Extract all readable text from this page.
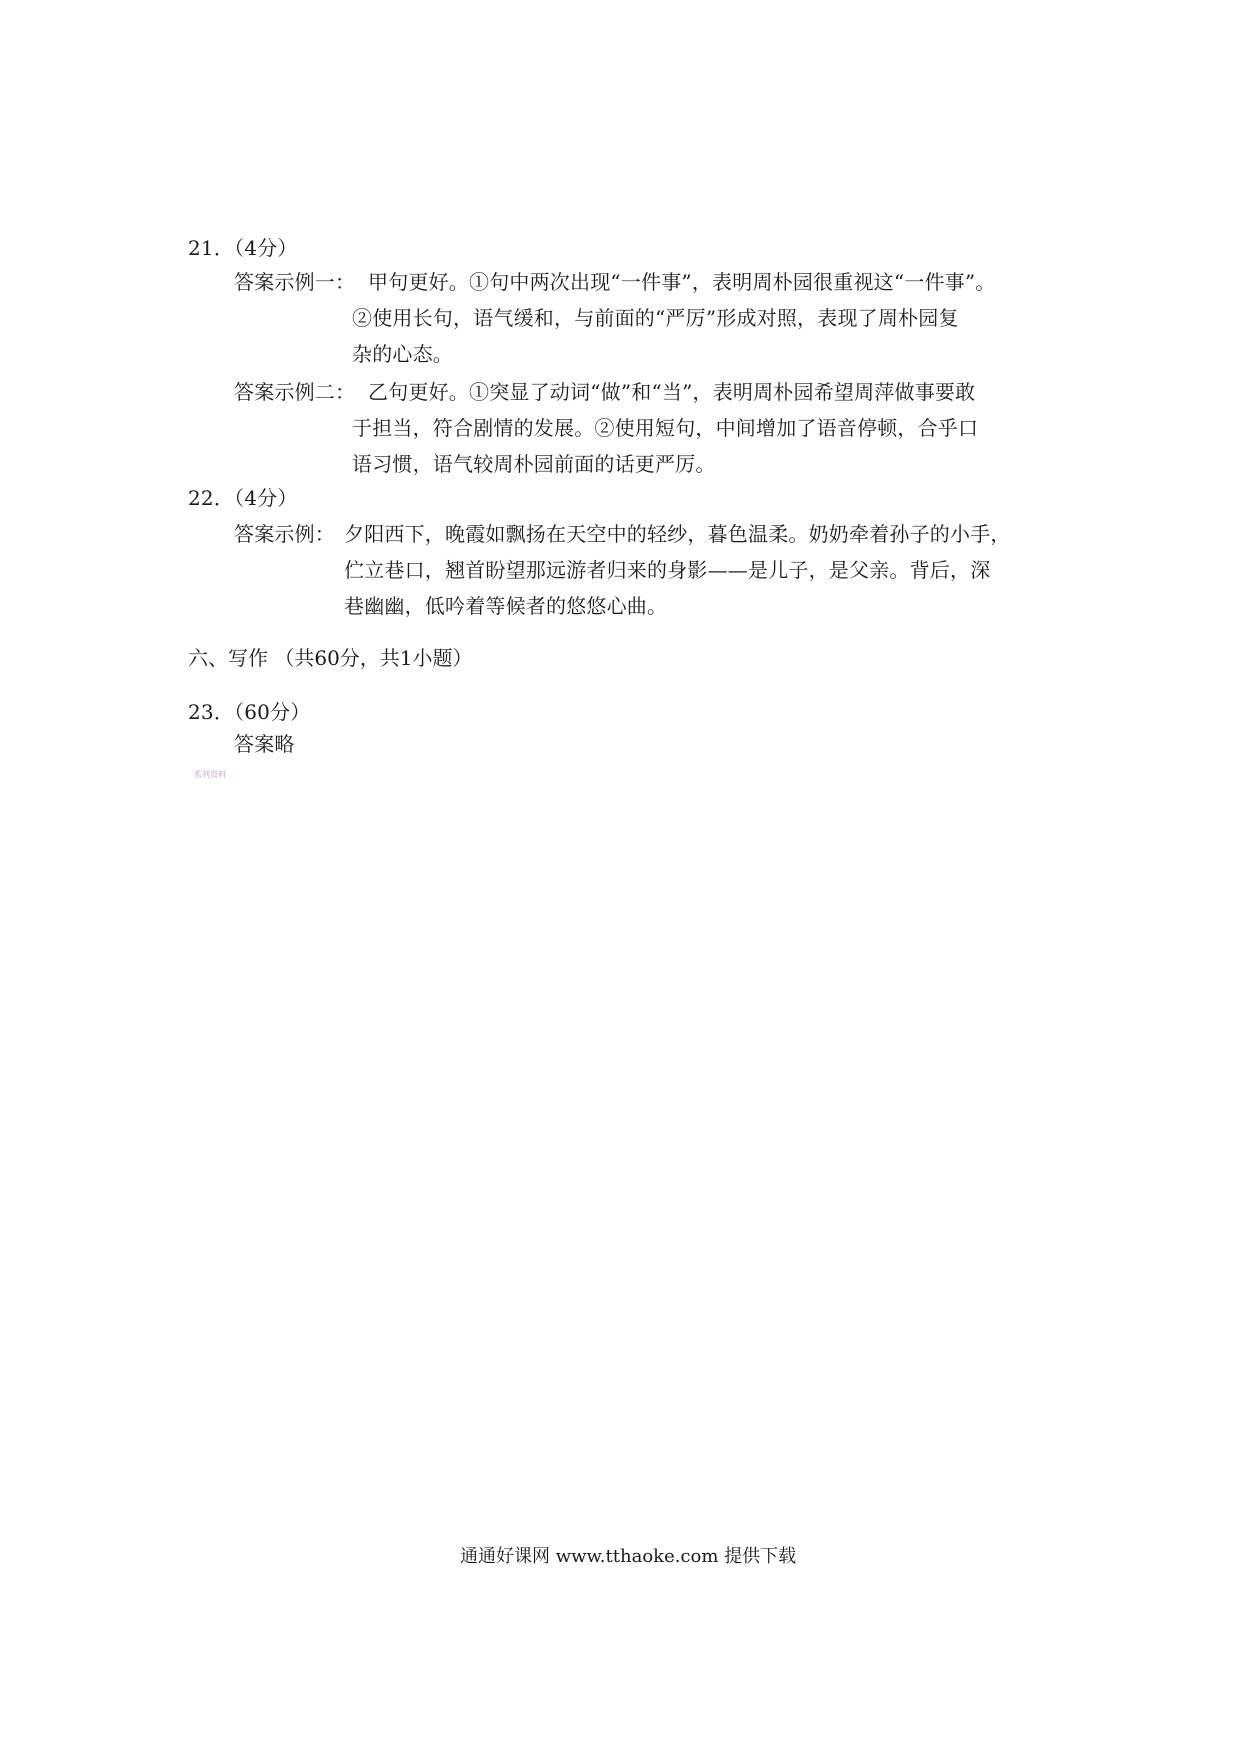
21．（4分）
答案示例一： 甲句更好。①句中两次出现“一件事”，表明周朴园很重视这“一件事”。
②使用长句，语气缓和，与前面的“严厉”形成对照，表现了周朴园复
杂的心态。
答案示例二： 乙句更好。①突显了动词“做”和“当”，表明周朴园希望周萍做事要敢
于担当，符合剧情的发展。②使用短句，中间增加了语音停顿，合乎口
语习惯，语气较周朴园前面的话更严厉。
22．（4分）
答案示例： 夕阳西下，晚霞如飘扬在天空中的轻纱，暮色温柔。奶奶牵着孙子的小手，
伫立巷口，翘首盼望那远游者归来的身影——是儿子，是父亲。背后，深
巷幽幽，低吟着等候者的悠悠心曲。
六、写作 （共60分，共1小题）
23．（60分）
答案略
系列资料
通通好课网 www.tthaoke.com 提供下载
